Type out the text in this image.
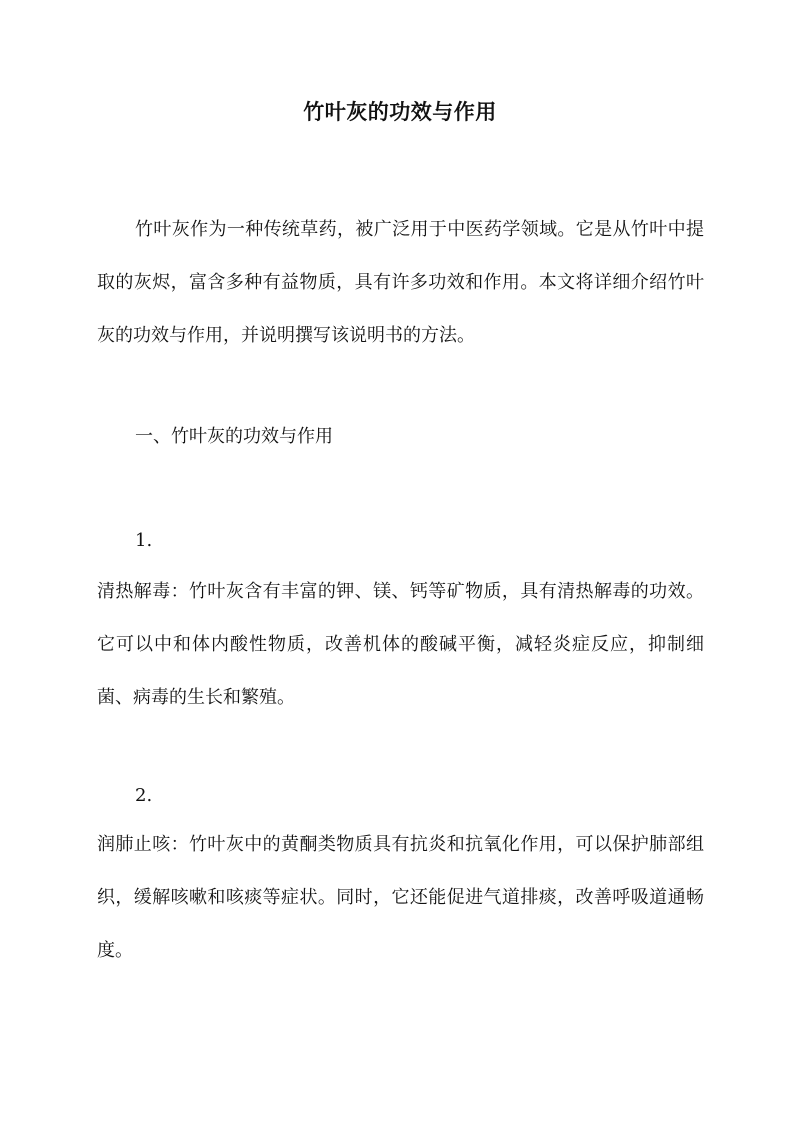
竹叶灰的功效与作用

竹叶灰作为一种传统草药，被广泛用于中医药学领域。它是从竹叶中提取的灰烬，富含多种有益物质，具有许多功效和作用。本文将详细介绍竹叶灰的功效与作用，并说明撰写该说明书的方法。

一、竹叶灰的功效与作用

1.

清热解毒：竹叶灰含有丰富的钾、镁、钙等矿物质，具有清热解毒的功效。它可以中和体内酸性物质，改善机体的酸碱平衡，减轻炎症反应，抑制细菌、病毒的生长和繁殖。

2.

润肺止咳：竹叶灰中的黄酮类物质具有抗炎和抗氧化作用，可以保护肺部组织，缓解咳嗽和咳痰等症状。同时，它还能促进气道排痰，改善呼吸道通畅度。
